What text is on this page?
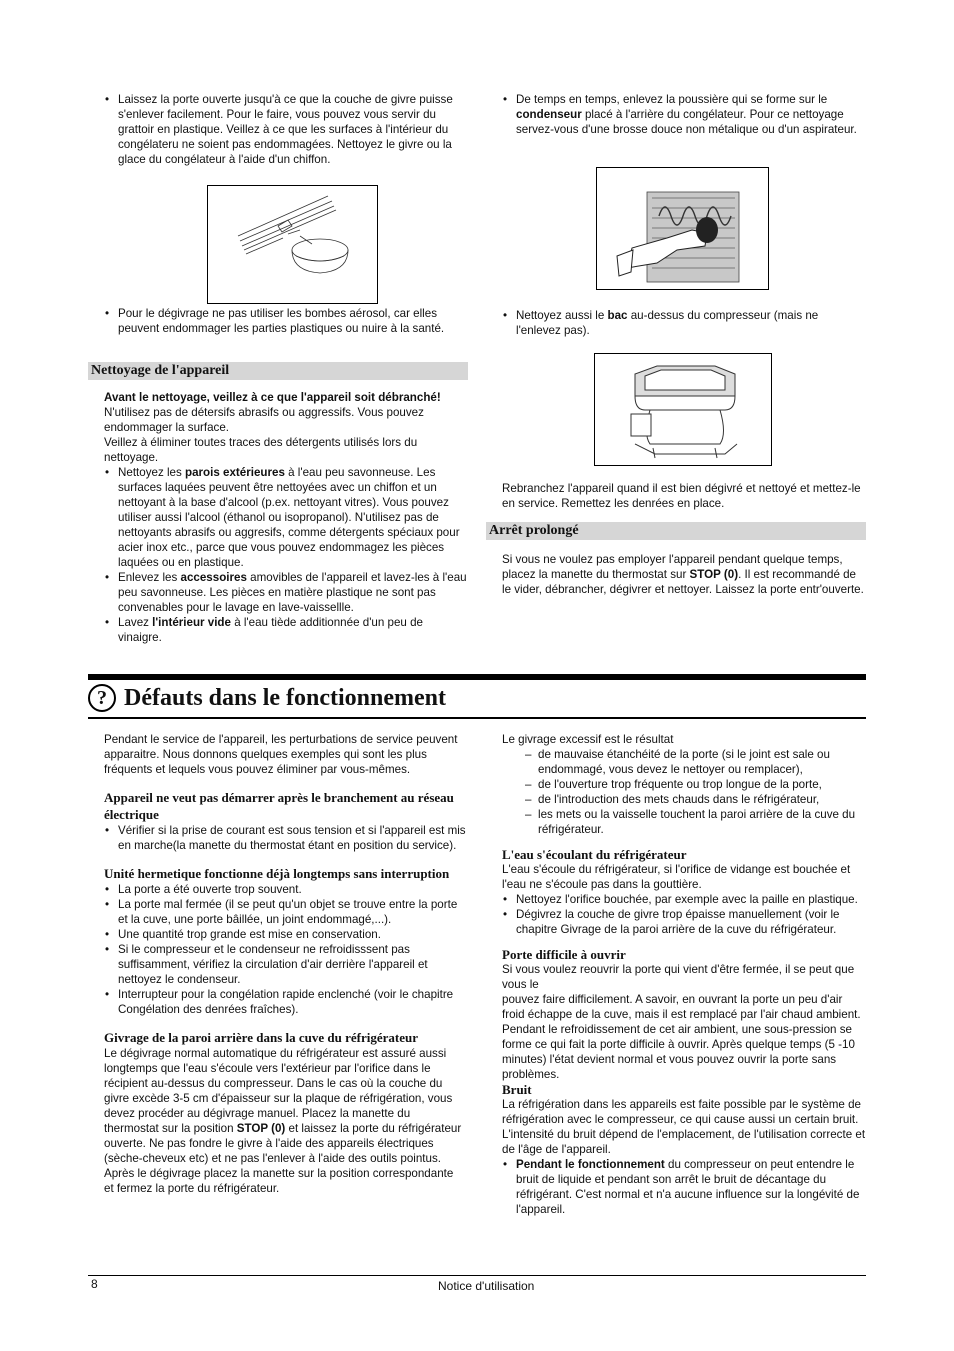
• Laissez la porte ouverte jusqu'à ce que la couche de givre puisse s'enlever facilement. Pour le faire, vous pouvez vous servir du grattoir en plastique. Veillez à ce que les surfaces à l'intérieur du congélateru ne soient pas endommagées. Nettoyez le givre ou la glace du congélateur à l'aide d'un chiffon.
• Pour le dégivrage ne pas utiliser les bombes aérosol, car elles peuvent endommager les parties plastiques ou nuire à la santé.
Nettoyage de l'appareil

Avant le nettoyage, veillez à ce que l'appareil soit débranché!

N'utilisez pas de détersifs abrasifs ou aggressifs. Vous pouvez endommager la surface.

Veillez à éliminer toutes traces des détergents utilisés lors du nettoyage.

• Nettoyez les parois extérieures à l'eau peu savonneuse. Les surfaces laquées peuvent être nettoyées avec un chiffon et un nettoyant à la base d'alcool (p.ex. nettoyant vitres). Vous pouvez utiliser aussi l'alcool (éthanol ou isopropanol). N'utilisez pas de nettoyants abrasifs ou aggresifs, comme détergents spéciaux pour acier inox etc., parce que vous pouvez endommagez les pièces laquées ou en plastique.
• Enlevez les accessoires amovibles de l'appareil et lavez-les à l'eau peu savonneuse. Les pièces en matière plastique ne sont pas convenables pour le lavage en lave-vaissellle.
• Lavez l'intérieur vide à l'eau tiède additionnée d'un peu de vinaigre.
• De temps en temps, enlevez la poussière qui se forme sur le condenseur placé à l'arrière du congélateur. Pour ce nettoyage servez-vous d'une brosse douce non métalique ou d'un aspirateur.
• Nettoyez aussi le bac au-dessus du compresseur (mais ne l'enlevez pas).

Rebranchez l'appareil quand il est bien dégivré et nettoyé et mettez-le en service. Remettez les denrées en place.

Arrêt prolongé

Si vous ne voulez pas employer l'appareil pendant quelque temps, placez la manette du thermostat sur STOP (0). Il est recommandé de le vider, débrancher, dégivrer et nettoyer. Laissez la porte entr'ouverte.

? Défauts dans le fonctionnement

Pendant le service de l'appareil, les perturbations de service peuvent apparaitre. Nous donnons quelques exemples qui sont les plus fréquents et lequels vous pouvez éliminer par vous-mêmes.

Appareil ne veut pas démarrer après le branchement au réseau électrique

• Vérifier si la prise de courant est sous tension et si l'appareil est mis en marche(la manette du thermostat étant en position du service).

Unité hermetique fonctionne déjà longtemps sans interruption

• La porte a été ouverte trop souvent.
• La porte mal fermée (il se peut qu'un objet se trouve entre la porte et la cuve, une porte bâillée, un joint endommagé,...).
• Une quantité trop grande est mise en conservation.
• Si le compresseur et le condenseur ne refroidisssent pas suffisamment, vérifiez la circulation d'air derrière l'appareil et nettoyez le condenseur.
• Interrupteur pour la congélation rapide enclenché (voir le chapitre Congélation des denrées fraîches).

Givrage de la paroi arrière dans la cuve du réfrigérateur

Le dégivrage normal automatique du réfrigérateur est assuré aussi longtemps que l'eau s'écoule vers l'extérieur par l'orifice dans le récipient au-dessus du compresseur. Dans le cas où la couche du givre excède 3-5 cm d'épaisseur sur la plaque de réfrigération, vous devez procéder au dégivrage manuel. Placez la manette du thermostat sur la position STOP (0) et laissez la porte du réfrigérateur ouverte. Ne pas fondre le givre à l'aide des appareils électriques (sèche-cheveux etc) et ne pas l'enlever à l'aide des outils pointus.

Après le dégivrage placez la manette sur la position correspondante et fermez la porte du réfrigérateur.

Le givrage excessif est le résultat

– de mauvaise étanchéité de la porte (si le joint est sale ou endommagé, vous devez le nettoyer ou remplacer),
– de l'ouverture trop fréquente ou trop longue de la porte,
– de l'introduction des mets chauds dans le réfrigérateur,
– les mets ou la vaisselle touchent la paroi arrière de la cuve du réfrigérateur.

L'eau s'écoulant du réfrigérateur

L'eau s'écoule du réfrigérateur, si l'orifice de vidange est bouchée et l'eau ne s'écoule pas dans la gouttière.

• Nettoyez l'orifice bouchée, par exemple avec la paille en plastique.
• Dégivrez la couche de givre trop épaisse manuellement (voir le chapitre Givrage de la paroi arrière de la cuve du réfrigérateur.

Porte difficile à ouvrir

Si vous voulez reouvrir la porte qui vient d'être fermée, il se peut que vous le

pouvez faire difficilement. A savoir, en ouvrant la porte un peu d'air froid échappe de la cuve, mais il est remplacé par l'air chaud ambient. Pendant le refroidissement de cet air ambient, une sous-pression se forme ce qui fait la porte difficile à ouvrir. Après quelque temps (5 -10 minutes) l'état devient normal et vous pouvez ouvrir la porte sans problèmes.

Bruit

La réfrigération dans les appareils est faite possible par le système de réfrigération avec le compresseur, ce qui cause aussi un certain bruit. L'intensité du bruit dépend de l'emplacement, de l'utilisation correcte et de l'âge de l'appareil.

• Pendant le fonctionnement du compresseur on peut entendre le bruit de liquide et pendant son arrêt le bruit de décantage du réfrigérant. C'est normal et n'a aucune influence sur la longévité de l'appareil.
8	Notice d'utilisation
